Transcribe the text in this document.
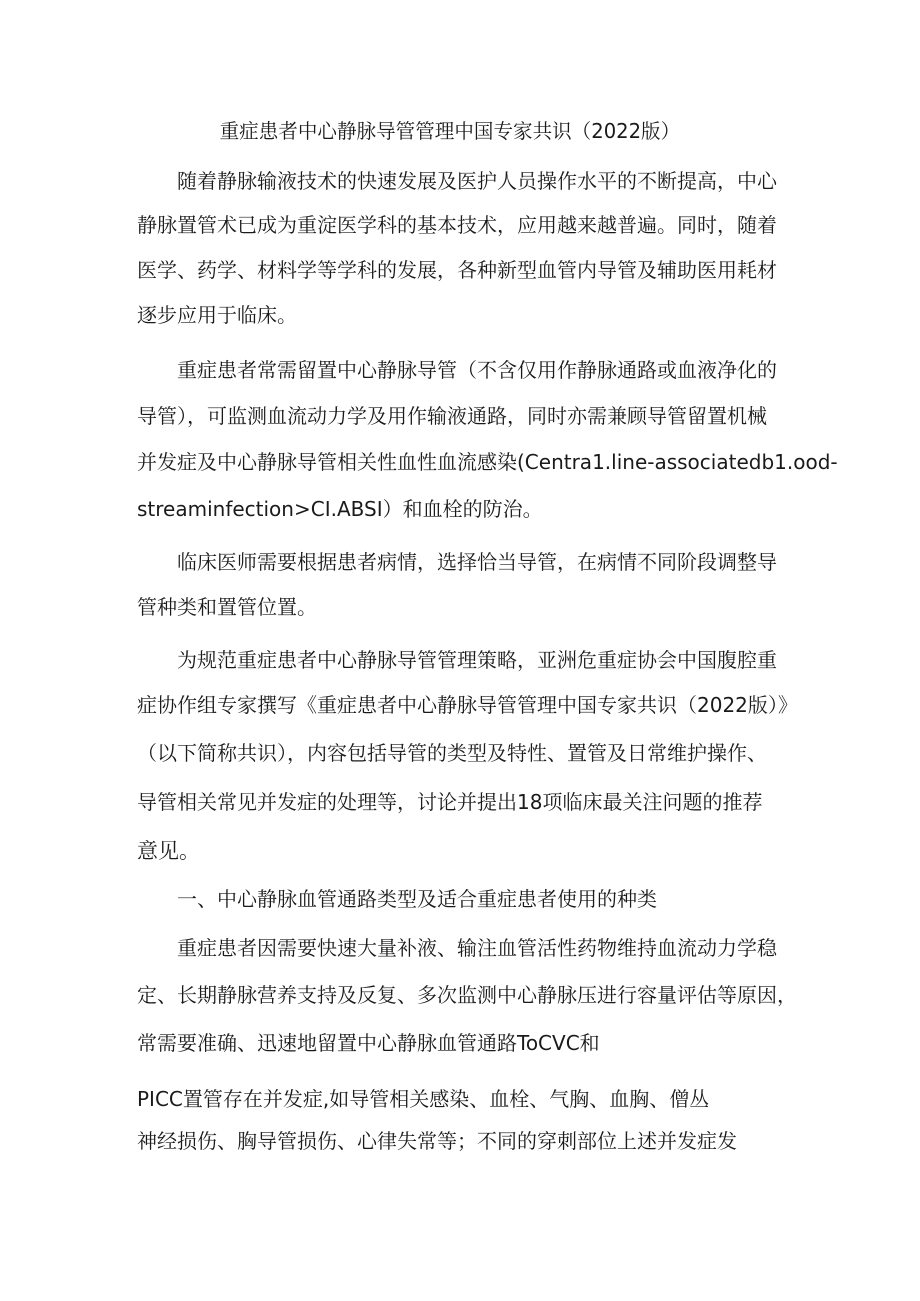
重症患者中心静脉导管管理中国专家共识（2022版）
随着静脉输液技术的快速发展及医护人员操作水平的不断提高，中心
静脉置管术已成为重淀医学科的基本技术，应用越来越普遍。同时，随着
医学、药学、材料学等学科的发展，各种新型血管内导管及辅助医用耗材
逐步应用于临床。
重症患者常需留置中心静脉导管（不含仅用作静脉通路或血液净化的
导管），可监测血流动力学及用作输液通路，同时亦需兼顾导管留置机械
并发症及中心静脉导管相关性血性血流感染(Centra1.line-associatedb1.ood-
streaminfection>CI.ABSI）和血栓的防治。
临床医师需要根据患者病情，选择恰当导管，在病情不同阶段调整导
管种类和置管位置。
为规范重症患者中心静脉导管管理策略，亚洲危重症协会中国腹腔重
症协作组专家撰写《重症患者中心静脉导管管理中国专家共识（2022版）》
（以下简称共识），内容包括导管的类型及特性、置管及日常维护操作、
导管相关常见并发症的处理等，讨论并提出18项临床最关注问题的推荐
意见。
一、中心静脉血管通路类型及适合重症患者使用的种类
重症患者因需要快速大量补液、输注血管活性药物维持血流动力学稳
定、长期静脉营养支持及反复、多次监测中心静脉压进行容量评估等原因，
常需要准确、迅速地留置中心静脉血管通路ToCVC和
PICC置管存在并发症,如导管相关感染、血栓、气胸、血胸、僧丛
神经损伤、胸导管损伤、心律失常等；不同的穿刺部位上述并发症发
